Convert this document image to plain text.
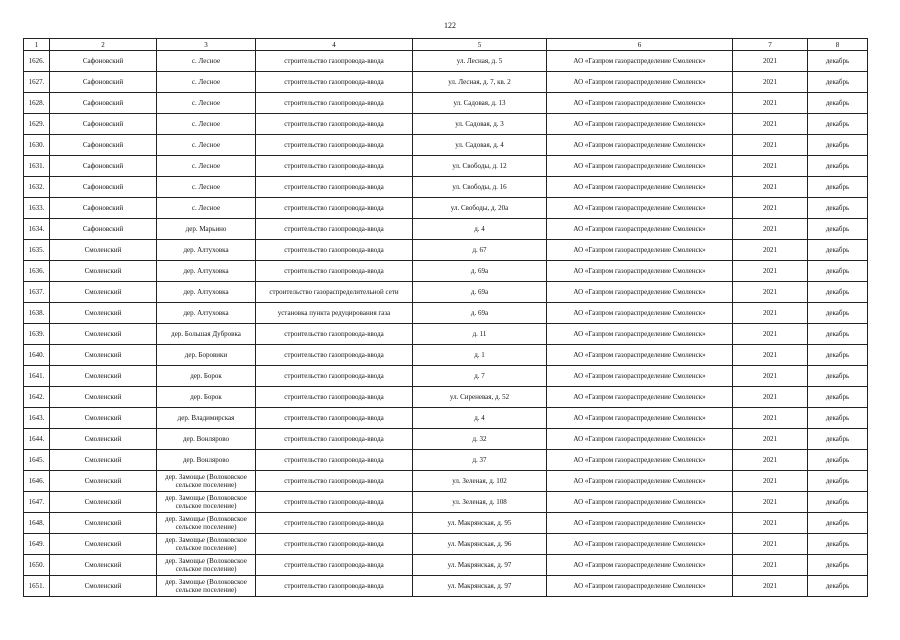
122
1	2	3	4	5	6	7	8
1626.	Сафоновский	с. Лесное	строительство газопровода-ввода	ул. Лесная, д. 5	АО «Газпром газораспределение Смоленск»	2021	декабрь
1627.	Сафоновский	с. Лесное	строительство газопровода-ввода	ул. Лесная, д. 7, кв. 2	АО «Газпром газораспределение Смоленск»	2021	декабрь
1628.	Сафоновский	с. Лесное	строительство газопровода-ввода	ул. Садовая, д. 13	АО «Газпром газораспределение Смоленск»	2021	декабрь
1629.	Сафоновский	с. Лесное	строительство газопровода-ввода	ул. Садовая, д. 3	АО «Газпром газораспределение Смоленск»	2021	декабрь
1630.	Сафоновский	с. Лесное	строительство газопровода-ввода	ул. Садовая, д. 4	АО «Газпром газораспределение Смоленск»	2021	декабрь
1631.	Сафоновский	с. Лесное	строительство газопровода-ввода	ул. Свободы, д. 12	АО «Газпром газораспределение Смоленск»	2021	декабрь
1632.	Сафоновский	с. Лесное	строительство газопровода-ввода	ул. Свободы, д. 16	АО «Газпром газораспределение Смоленск»	2021	декабрь
1633.	Сафоновский	с. Лесное	строительство газопровода-ввода	ул. Свободы, д. 20а	АО «Газпром газораспределение Смоленск»	2021	декабрь
1634.	Сафоновский	дер. Марьино	строительство газопровода-ввода	д. 4	АО «Газпром газораспределение Смоленск»	2021	декабрь
1635.	Смоленский	дер. Алтуховка	строительство газопровода-ввода	д. 67	АО «Газпром газораспределение Смоленск»	2021	декабрь
1636.	Смоленский	дер. Алтуховка	строительство газопровода-ввода	д. 69а	АО «Газпром газораспределение Смоленск»	2021	декабрь
1637.	Смоленский	дер. Алтуховка	строительство газораспределительной сети	д. 69а	АО «Газпром газораспределение Смоленск»	2021	декабрь
1638.	Смоленский	дер. Алтуховка	установка пункта редуцирования газа	д. 69а	АО «Газпром газораспределение Смоленск»	2021	декабрь
1639.	Смоленский	дер. Большая Дубровка	строительство газопровода-ввода	д. 11	АО «Газпром газораспределение Смоленск»	2021	декабрь
1640.	Смоленский	дер. Боровики	строительство газопровода-ввода	д. 1	АО «Газпром газораспределение Смоленск»	2021	декабрь
1641.	Смоленский	дер. Борок	строительство газопровода-ввода	д. 7	АО «Газпром газораспределение Смоленск»	2021	декабрь
1642.	Смоленский	дер. Борок	строительство газопровода-ввода	ул. Сиреневая, д. 52	АО «Газпром газораспределение Смоленск»	2021	декабрь
1643.	Смоленский	дер. Владимирская	строительство газопровода-ввода	д. 4	АО «Газпром газораспределение Смоленск»	2021	декабрь
1644.	Смоленский	дер. Вонлярово	строительство газопровода-ввода	д. 32	АО «Газпром газораспределение Смоленск»	2021	декабрь
1645.	Смоленский	дер. Вонлярово	строительство газопровода-ввода	д. 37	АО «Газпром газораспределение Смоленск»	2021	декабрь
1646.	Смоленский	дер. Замощье (Волоковское сельское поселение)	строительство газопровода-ввода	ул. Зеленая, д. 102	АО «Газпром газораспределение Смоленск»	2021	декабрь
1647.	Смоленский	дер. Замощье (Волоковское сельское поселение)	строительство газопровода-ввода	ул. Зеленая, д. 108	АО «Газпром газораспределение Смоленск»	2021	декабрь
1648.	Смоленский	дер. Замощье (Волоковское сельское поселение)	строительство газопровода-ввода	ул. Макрянская, д. 95	АО «Газпром газораспределение Смоленск»	2021	декабрь
1649.	Смоленский	дер. Замощье (Волоковское сельское поселение)	строительство газопровода-ввода	ул. Макрянская, д. 96	АО «Газпром газораспределение Смоленск»	2021	декабрь
1650.	Смоленский	дер. Замощье (Волоковское сельское поселение)	строительство газопровода-ввода	ул. Макрянская, д. 97	АО «Газпром газораспределение Смоленск»	2021	декабрь
1651.	Смоленский	дер. Замощье (Волоковское сельское поселение)	строительство газопровода-ввода	ул. Макрянская, д. 97	АО «Газпром газораспределение Смоленск»	2021	декабрь
